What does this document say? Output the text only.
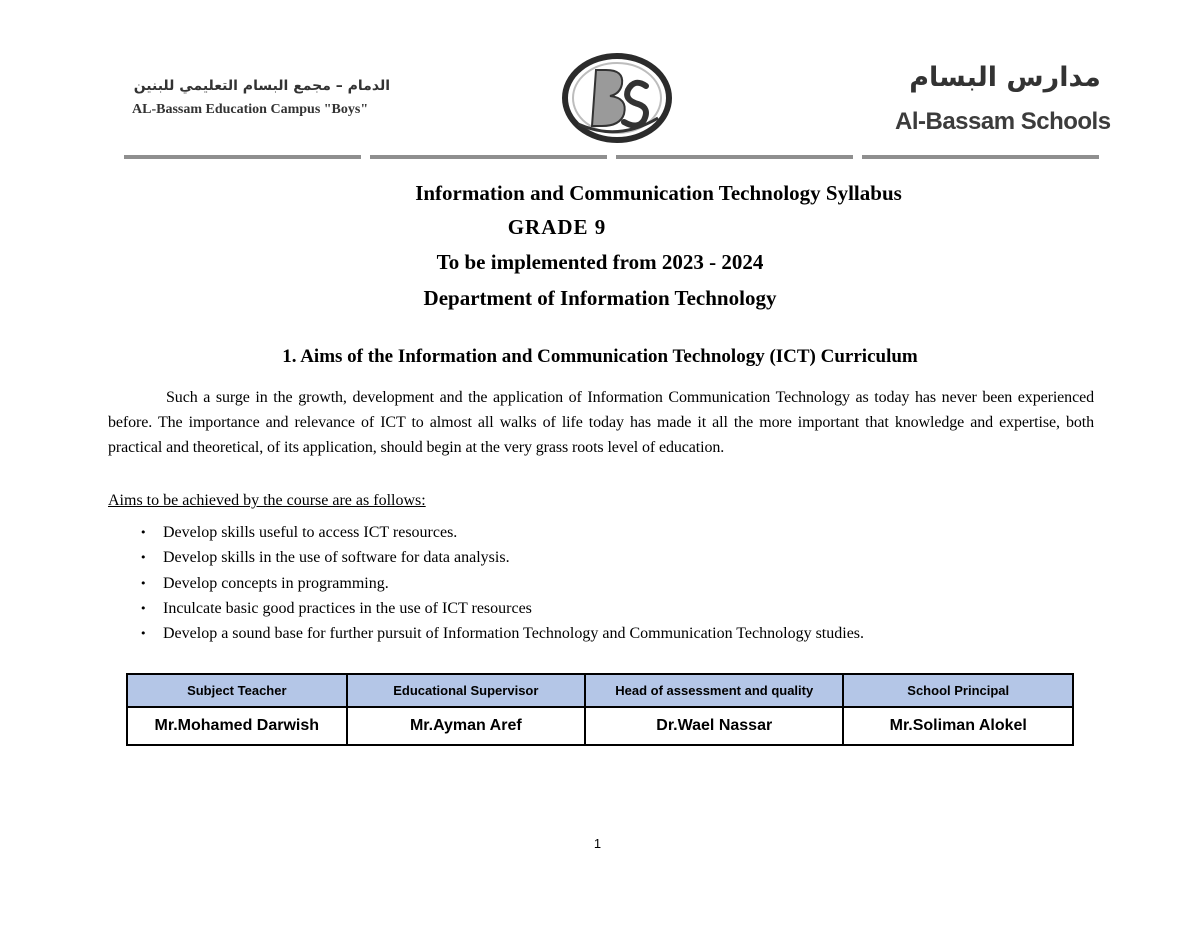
الدمام – مجمع البسام التعليمي للبنين
AL-Bassam Education Campus "Boys"
مدارس البسام
Al-Bassam Schools
Information and Communication Technology Syllabus
GRADE 9
To be implemented from 2023 - 2024
Department of Information Technology
1. Aims of the Information and Communication Technology (ICT) Curriculum
Such a surge in the growth, development and the application of Information Communication Technology as today has never been experienced before. The importance and relevance of ICT to almost all walks of life today has made it all the more important that knowledge and expertise, both practical and theoretical, of its application, should begin at the very grass roots level of education.
Aims to be achieved by the course are as follows:
• Develop skills useful to access ICT resources.
• Develop skills in the use of software for data analysis.
• Develop concepts in programming.
• Inculcate basic good practices in the use of ICT resources
• Develop a sound base for further pursuit of Information Technology and Communication Technology studies.
Subject Teacher	Educational Supervisor	Head of assessment and quality	School Principal
Mr.Mohamed Darwish	Mr.Ayman Aref	Dr.Wael Nassar	Mr.Soliman Alokel
1
